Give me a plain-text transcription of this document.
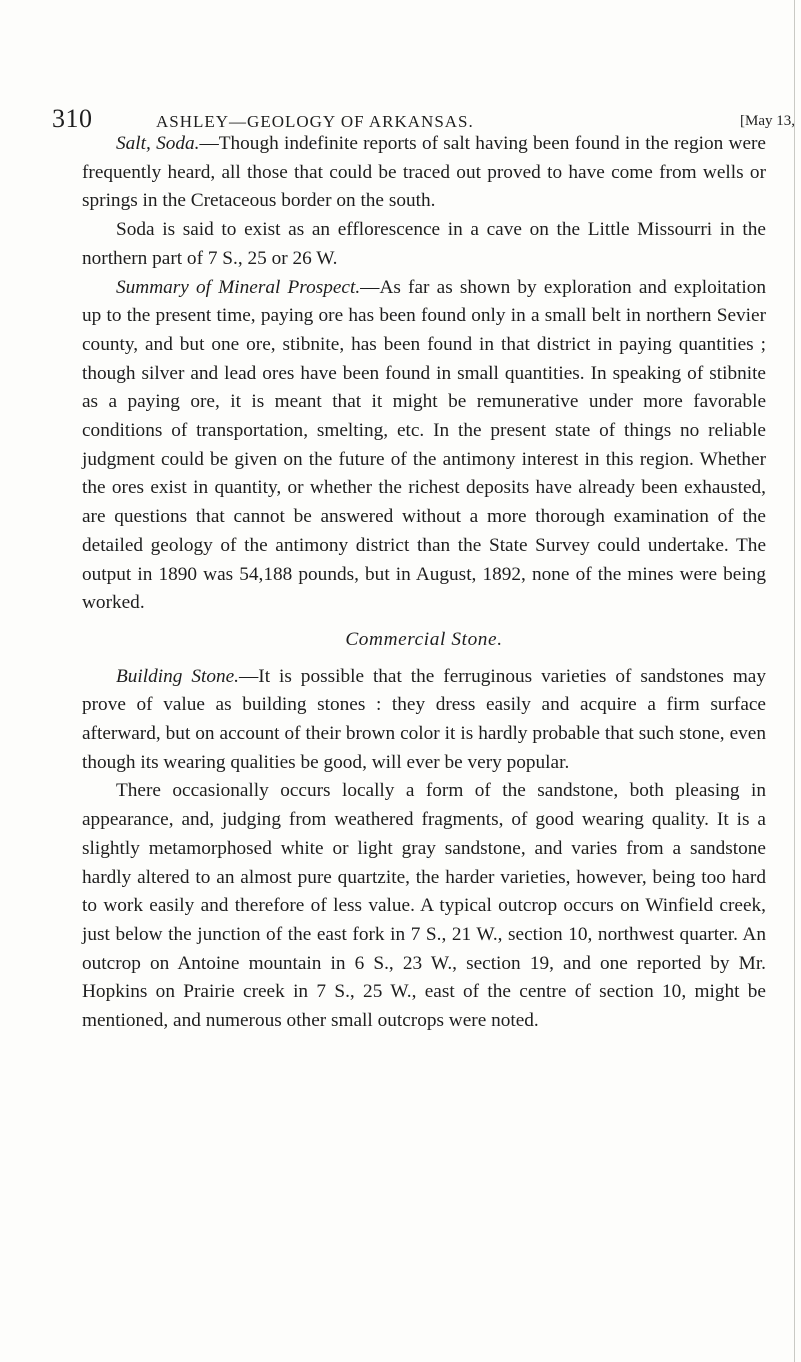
310	ASHLEY—GEOLOGY OF ARKANSAS.	[May 13,

Salt, Soda.—Though indefinite reports of salt having been found in the region were frequently heard, all those that could be traced out proved to have come from wells or springs in the Cretaceous border on the south.

Soda is said to exist as an efflorescence in a cave on the Little Missourri in the northern part of 7 S., 25 or 26 W.

Summary of Mineral Prospect.—As far as shown by exploration and exploitation up to the present time, paying ore has been found only in a small belt in northern Sevier county, and but one ore, stibnite, has been found in that district in paying quantities ; though silver and lead ores have been found in small quantities. In speaking of stibnite as a paying ore, it is meant that it might be remunerative under more favorable conditions of transportation, smelting, etc. In the present state of things no reliable judgment could be given on the future of the antimony interest in this region. Whether the ores exist in quantity, or whether the richest deposits have already been exhausted, are questions that cannot be answered without a more thorough examination of the detailed geology of the antimony district than the State Survey could undertake. The output in 1890 was 54,188 pounds, but in August, 1892, none of the mines were being worked.

Commercial Stone.

Building Stone.—It is possible that the ferruginous varieties of sandstones may prove of value as building stones : they dress easily and acquire a firm surface afterward, but on account of their brown color it is hardly probable that such stone, even though its wearing qualities be good, will ever be very popular.

There occasionally occurs locally a form of the sandstone, both pleasing in appearance, and, judging from weathered fragments, of good wearing quality. It is a slightly metamorphosed white or light gray sandstone, and varies from a sandstone hardly altered to an almost pure quartzite, the harder varieties, however, being too hard to work easily and therefore of less value. A typical outcrop occurs on Winfield creek, just below the junction of the east fork in 7 S., 21 W., section 10, northwest quarter. An outcrop on Antoine mountain in 6 S., 23 W., section 19, and one reported by Mr. Hopkins on Prairie creek in 7 S., 25 W., east of the centre of section 10, might be mentioned, and numerous other small outcrops were noted.
